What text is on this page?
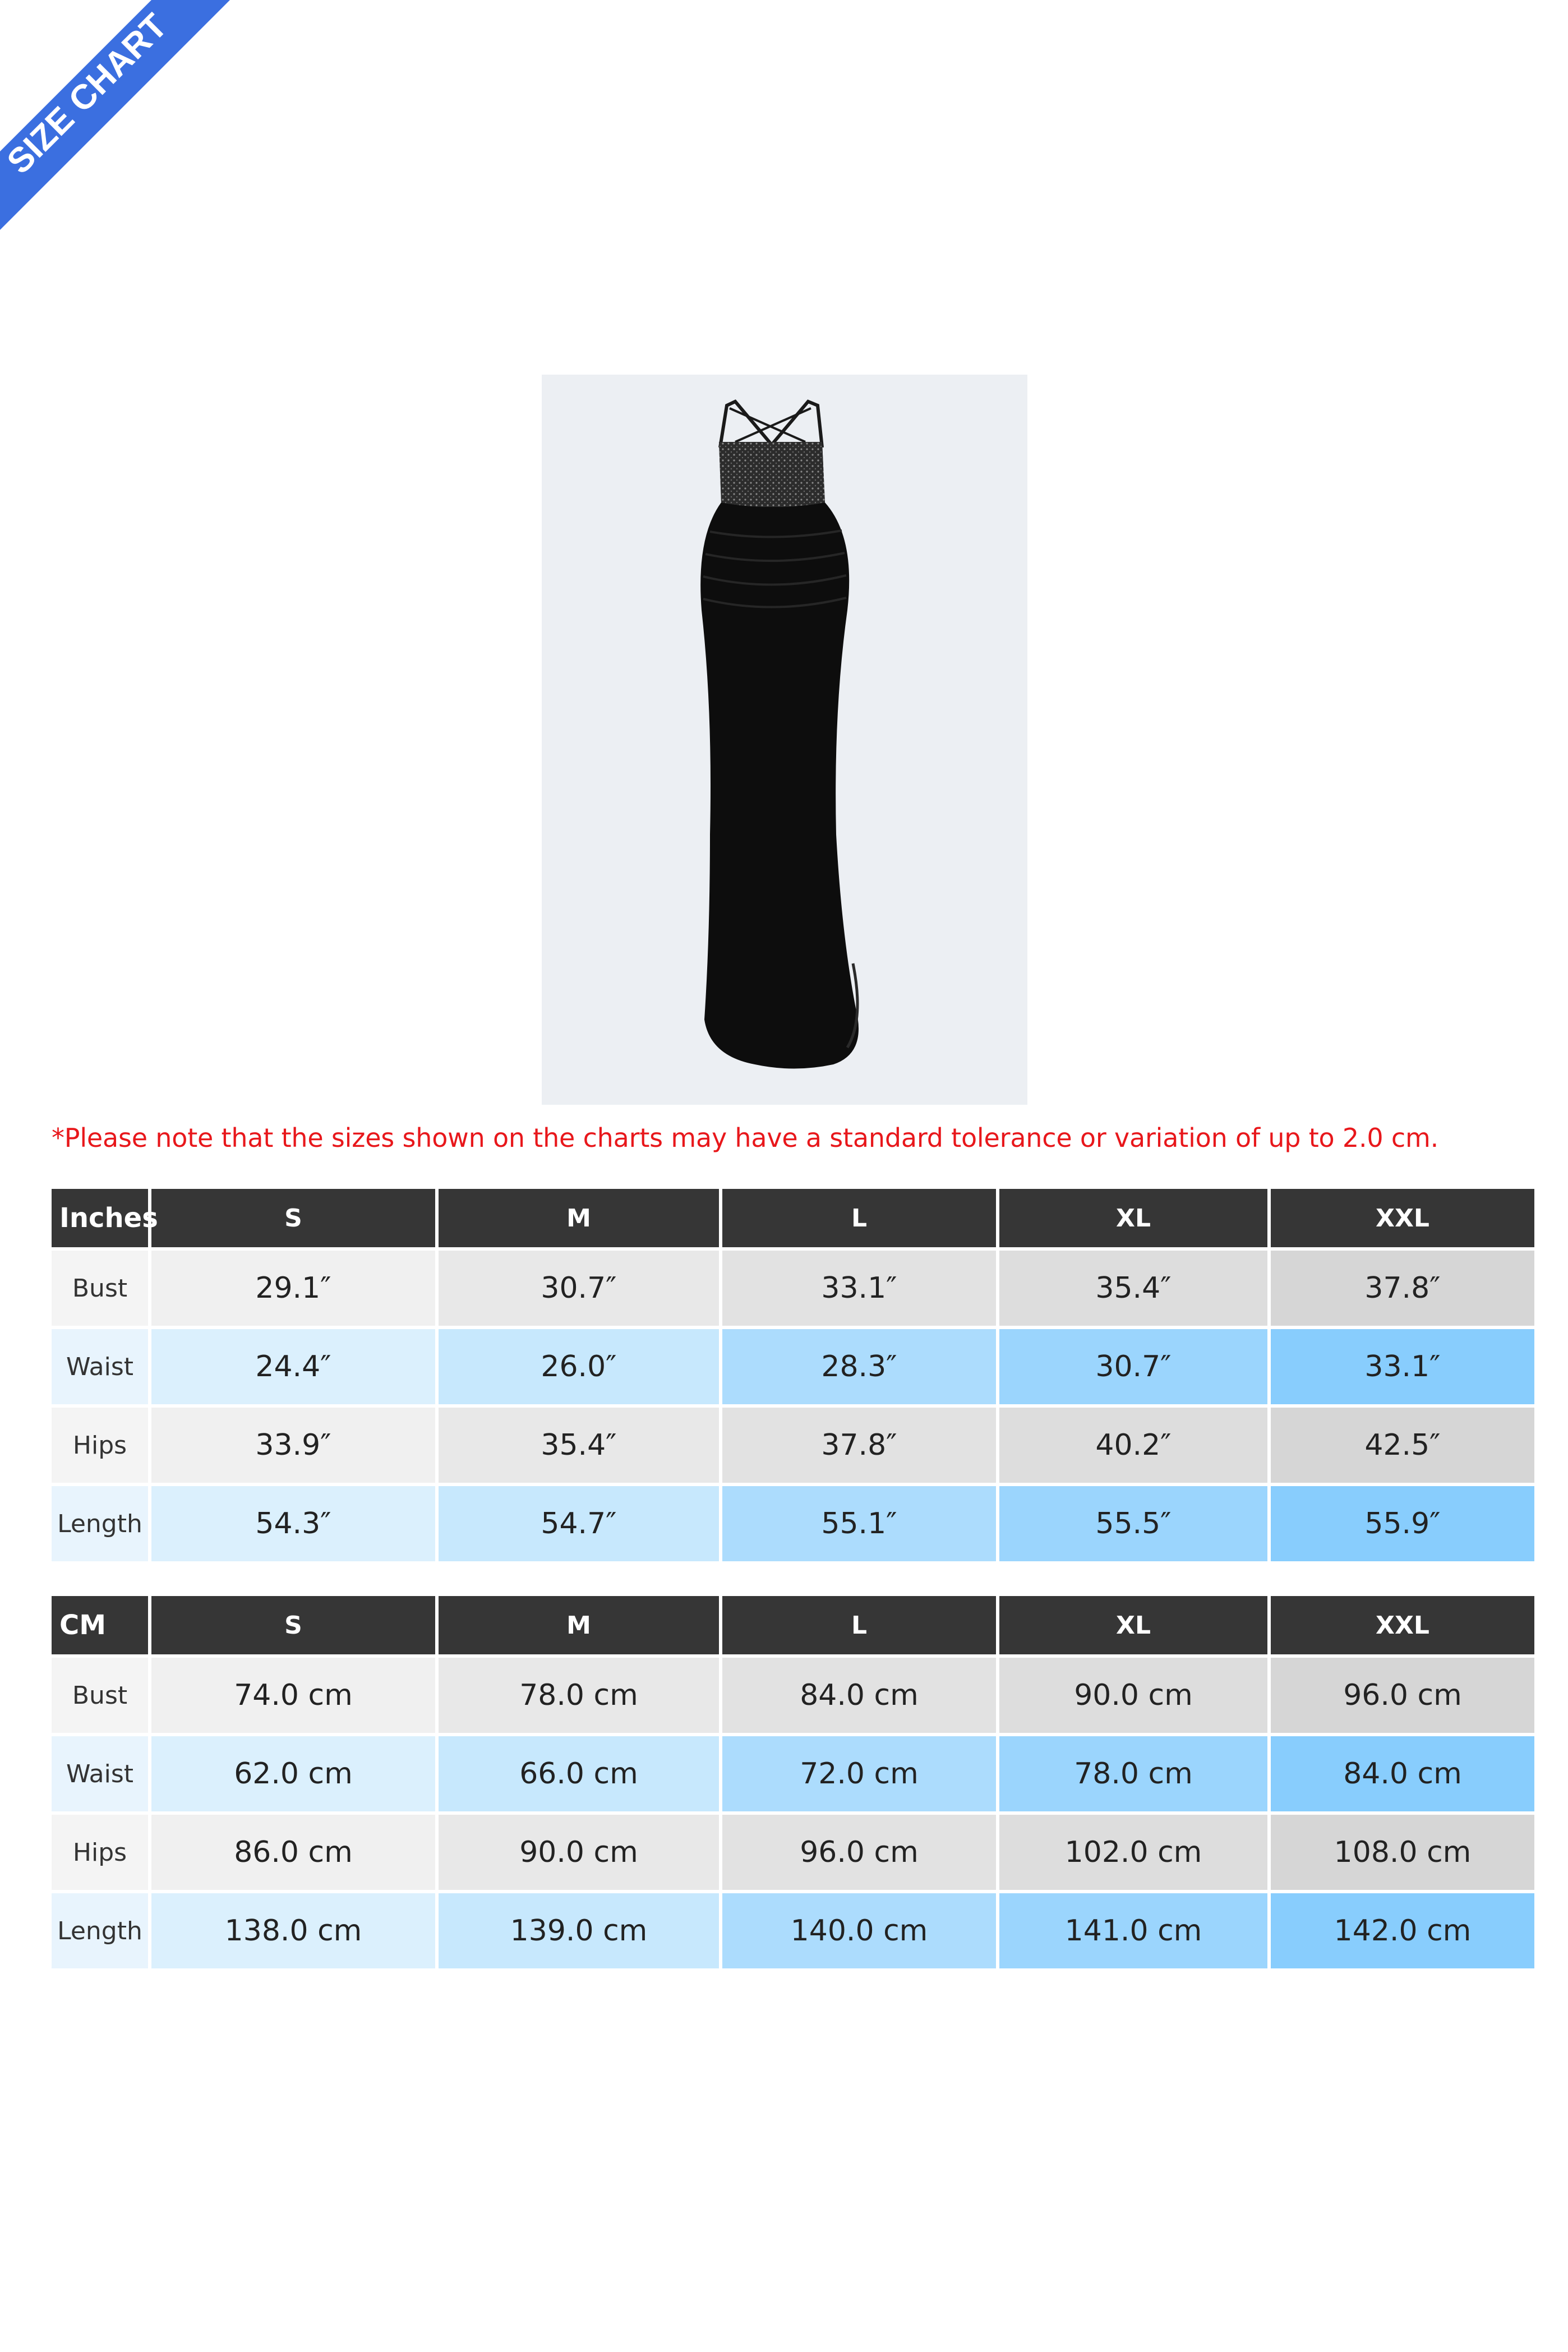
SIZE CHART
*Please note that the sizes shown on the charts may have a standard tolerance or variation of up to 2.0 cm.
Inches	S	M	L	XL	XXL
Bust	29.1″	30.7″	33.1″	35.4″	37.8″
Waist	24.4″	26.0″	28.3″	30.7″	33.1″
Hips	33.9″	35.4″	37.8″	40.2″	42.5″
Length	54.3″	54.7″	55.1″	55.5″	55.9″
CM	S	M	L	XL	XXL
Bust	74.0 cm	78.0 cm	84.0 cm	90.0 cm	96.0 cm
Waist	62.0 cm	66.0 cm	72.0 cm	78.0 cm	84.0 cm
Hips	86.0 cm	90.0 cm	96.0 cm	102.0 cm	108.0 cm
Length	138.0 cm	139.0 cm	140.0 cm	141.0 cm	142.0 cm
